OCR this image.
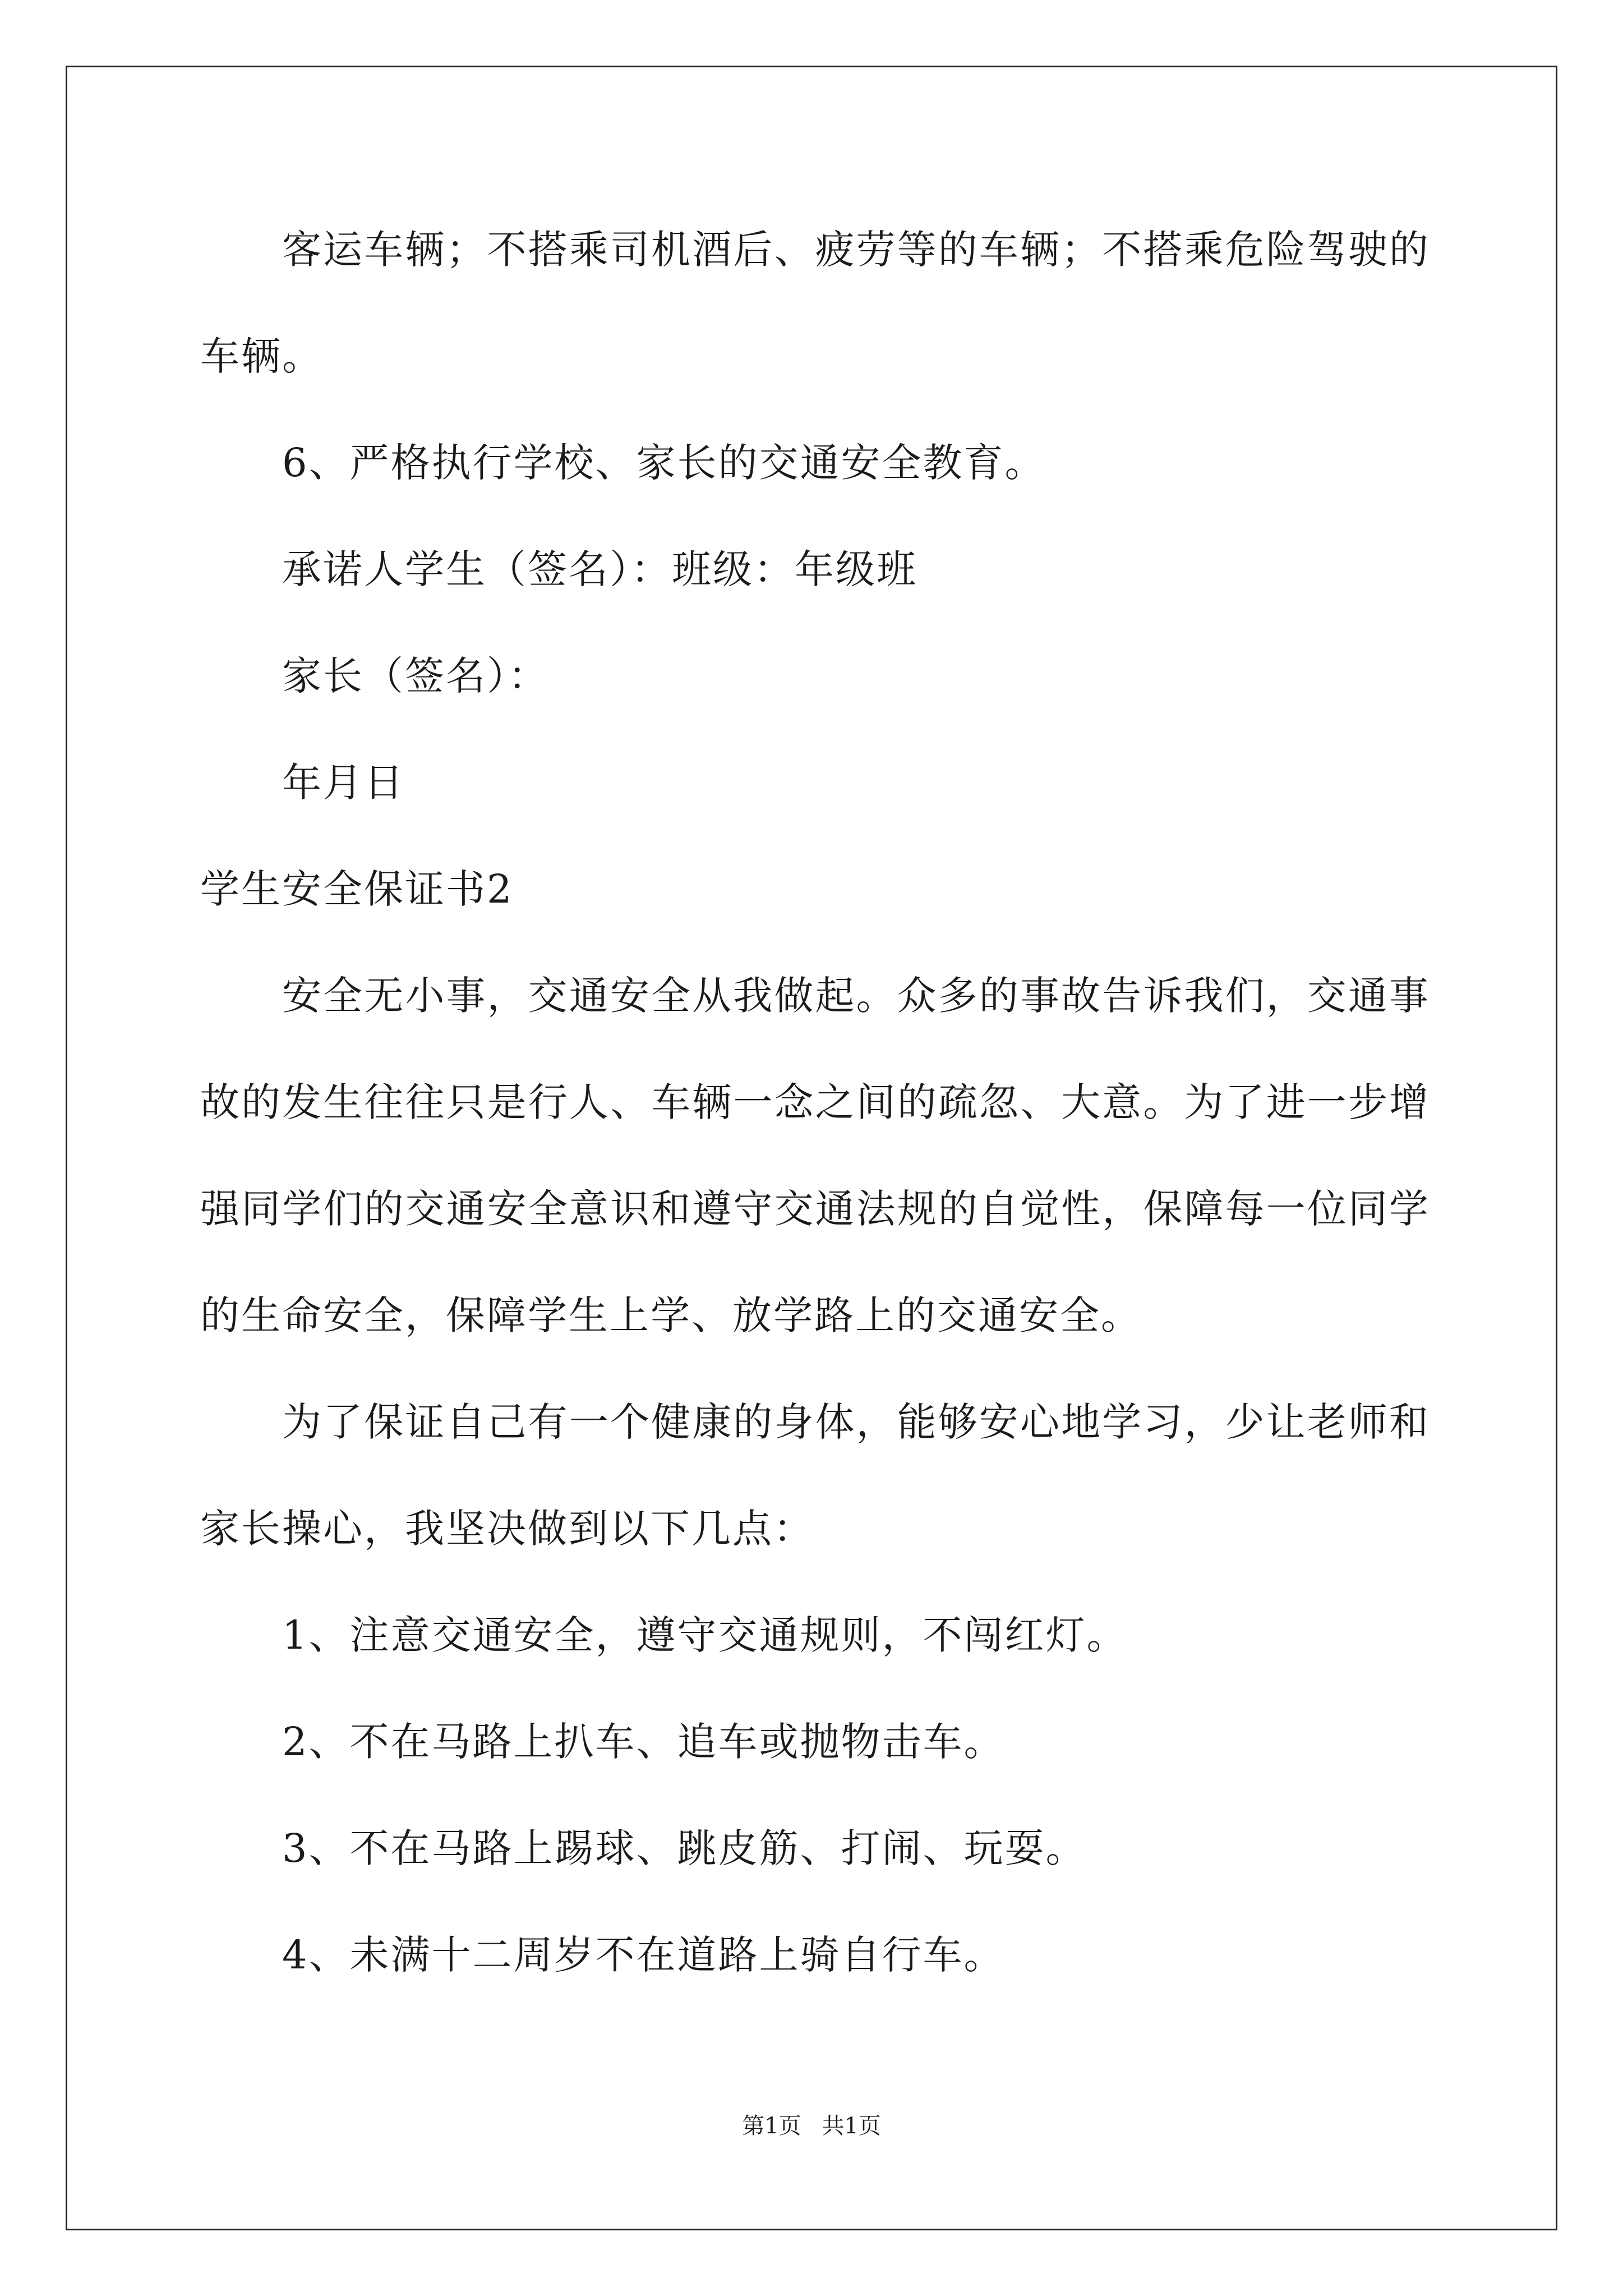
客运车辆；不搭乘司机酒后、疲劳等的车辆；不搭乘危险驾驶的
车辆。
6、严格执行学校、家长的交通安全教育。
承诺人学生（签名）：班级：年级班
家长（签名）：
年月日
学生安全保证书2
安全无小事，交通安全从我做起。众多的事故告诉我们，交通事
故的发生往往只是行人、车辆一念之间的疏忽、大意。为了进一步增
强同学们的交通安全意识和遵守交通法规的自觉性，保障每一位同学
的生命安全，保障学生上学、放学路上的交通安全。
为了保证自己有一个健康的身体，能够安心地学习，少让老师和
家长操心，我坚决做到以下几点：
1、注意交通安全，遵守交通规则，不闯红灯。
2、不在马路上扒车、追车或抛物击车。
3、不在马路上踢球、跳皮筋、打闹、玩耍。
4、未满十二周岁不在道路上骑自行车。
第1页 共1页
